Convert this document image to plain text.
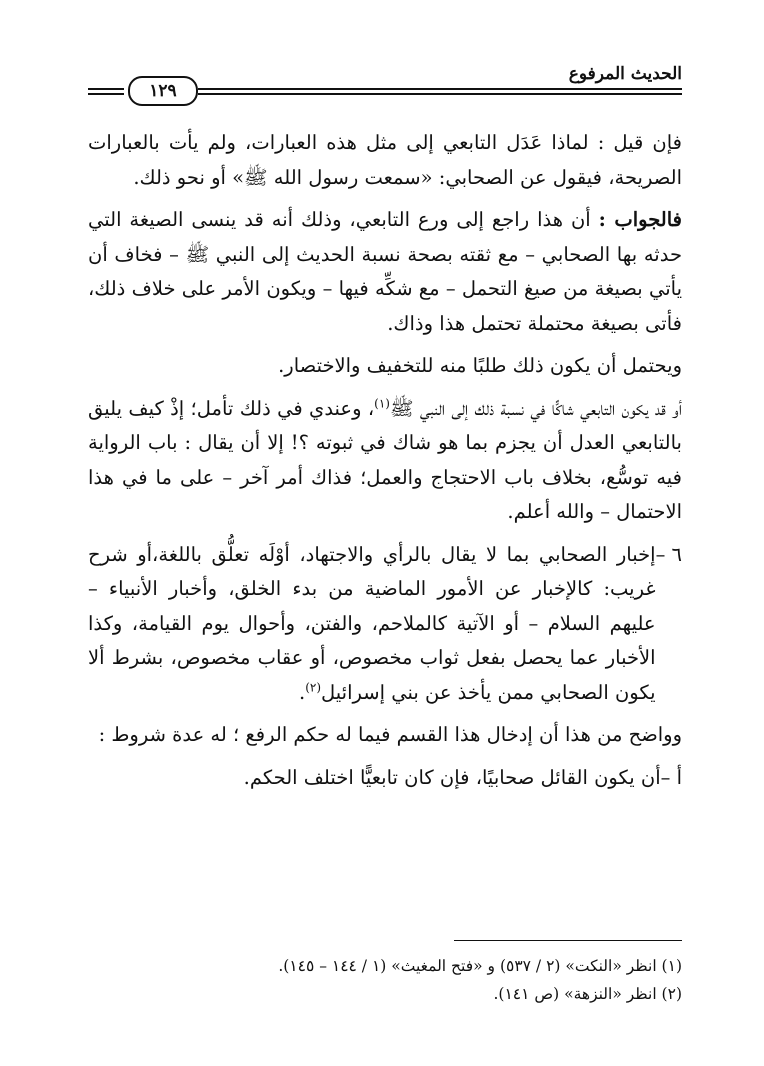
الحديث المرفوع
١٢٩

فإن قيل : لماذا عَدَل التابعي إلى مثل هذه العبارات، ولم يأت بالعبارات الصريحة، فيقول عن الصحابي: «سمعت رسول الله ﷺ» أو نحو ذلك.

فالجواب : أن هذا راجع إلى ورع التابعي، وذلك أنه قد ينسى الصيغة التي حدثه بها الصحابي – مع ثقته بصحة نسبة الحديث إلى النبي ﷺ – فخاف أن يأتي بصيغة من صيغ التحمل – مع شكِّه فيها – ويكون الأمر على خلاف ذلك، فأتى بصيغة محتملة تحتمل هذا وذاك.

ويحتمل أن يكون ذلك طلبًا منه للتخفيف والاختصار.

أو قد يكون التابعي شاكًّا في نسبة ذلك إلى النبي ﷺ$^{(١)}$، وعندي في ذلك تأمل؛ إذْ كيف يليق بالتابعي العدل أن يجزم بما هو شاك في ثبوته ؟! إلا أن يقال : باب الرواية فيه توسُّع، بخلاف باب الاحتجاج والعمل؛ فذاك أمر آخر – على ما في هذا الاحتمال – والله أعلم.

٦ –
إخبار الصحابي بما لا يقال بالرأي والاجتهاد، أوْلَه تعلُّق باللغة،أو شرح غريب: كالإخبار عن الأمور الماضية من بدء الخلق، وأخبار الأنبياء – عليهم السلام – أو الآتية كالملاحم، والفتن، وأحوال يوم القيامة، وكذا الأخبار عما يحصل بفعل ثواب مخصوص، أو عقاب مخصوص، بشرط ألا يكون الصحابي ممن يأخذ عن بني إسرائيل$^{(٢)}$.

وواضح من هذا أن إدخال هذا القسم فيما له حكم الرفع ؛ له عدة شروط :

أ –
أن يكون القائل صحابيًا، فإن كان تابعيًّا اختلف الحكم.

(١) انظر «النكت» (٢ / ٥٣٧) و «فتح المغيث» (١ / ١٤٤ – ١٤٥).

(٢) انظر «النزهة» (ص ١٤١).
